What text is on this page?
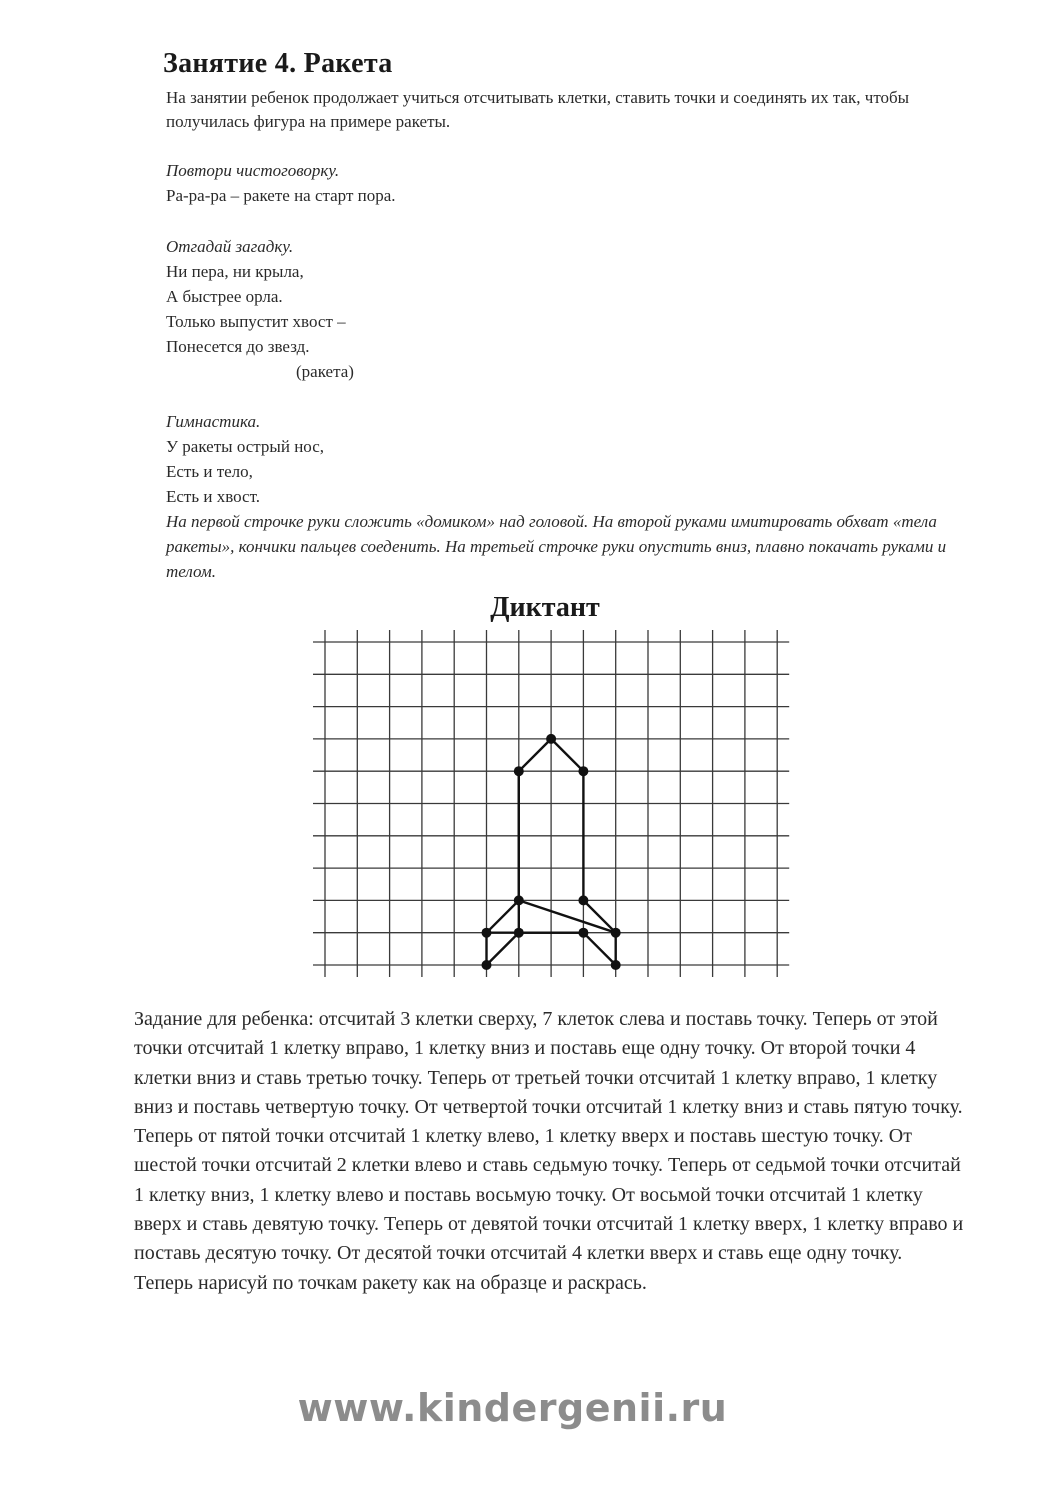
Занятие 4. Ракета

На занятии ребенок продолжает учиться отсчитывать клетки, ставить точки и соединять их так, чтобы получилась фигура на примере ракеты.

Повтори чистоговорку.

Ра-ра-ра – ракете на старт пора.

Отгадай загадку.

Ни пера, ни крыла,

А быстрее орла.

Только выпустит хвост –

Понесется до звезд.

(ракета)

Гимнастика.

У ракеты острый нос,

Есть и тело,

Есть и хвост.

На первой строчке руки сложить «домиком» над головой. На второй руками имитировать обхват «тела ракеты», кончики пальцев соеденить. На третьей строчке руки опустить вниз, плавно покачать руками и телом.

Диктант

Задание для ребенка: отсчитай 3 клетки сверху, 7 клеток слева и поставь точку. Теперь от этой точки отсчитай 1 клетку вправо, 1 клетку вниз и поставь еще одну точку. От второй точки 4 клетки вниз и ставь третью точку. Теперь от третьей точки отсчитай 1 клетку вправо, 1 клетку вниз и поставь четвертую точку. От четвертой точки отсчитай 1 клетку вниз и ставь пятую точку. Теперь от пятой точки отсчитай 1 клетку влево, 1 клетку вверх и поставь шестую точку. От шестой точки отсчитай 2 клетки влево и ставь седьмую точку. Теперь от седьмой точки отсчитай 1 клетку вниз, 1 клетку влево и поставь восьмую точку. От восьмой точки отсчитай 1 клетку вверх и ставь девятую точку. Теперь от девятой точки отсчитай 1 клетку вверх, 1 клетку вправо и поставь десятую точку. От десятой точки отсчитай 4 клетки вверх и ставь еще одну точку.

Теперь нарисуй по точкам ракету как на образце и раскрась.

www.kindergenii.ru
